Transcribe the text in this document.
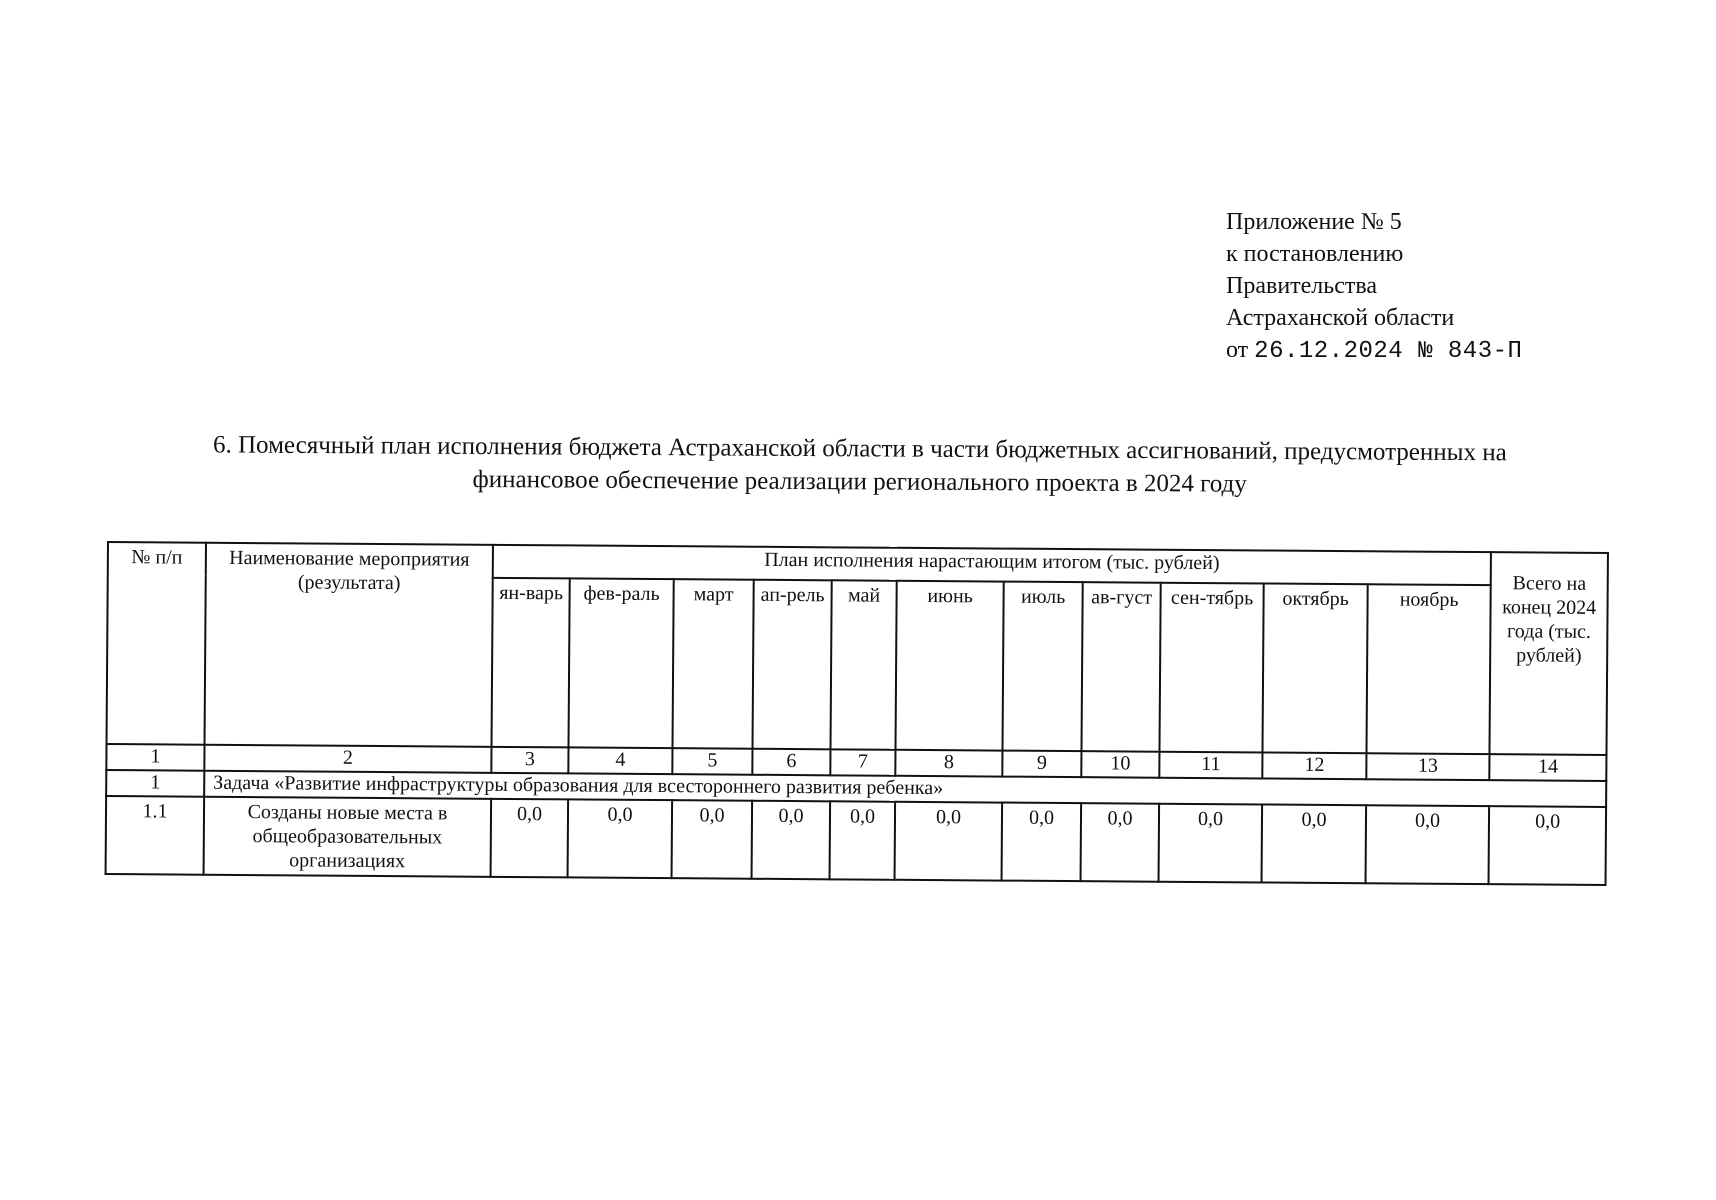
Приложение № 5
к постановлению
Правительства
Астраханской области
от 26.12.2024 № 843-П
6. Помесячный план исполнения бюджета Астраханской области в части бюджетных ассигнований, предусмотренных на финансовое обеспечение реализации регионального проекта в 2024 году
№ п/п	Наименование мероприятия (результата)	План исполнения нарастающим итогом (тыс. рублей)											Всего на конец 2024 года (тыс. рублей)
		ян-варь	фев-раль	март	ап-рель	май	июнь	июль	ав-густ	сен-тябрь	октябрь	ноябрь	
1	2	3	4	5	6	7	8	9	10	11	12	13	14
1	Задача «Развитие инфраструктуры образования для всестороннего развития ребенка»												
1.1	Созданы новые места в общеобразовательных организациях	0,0	0,0	0,0	0,0	0,0	0,0	0,0	0,0	0,0	0,0	0,0	0,0
